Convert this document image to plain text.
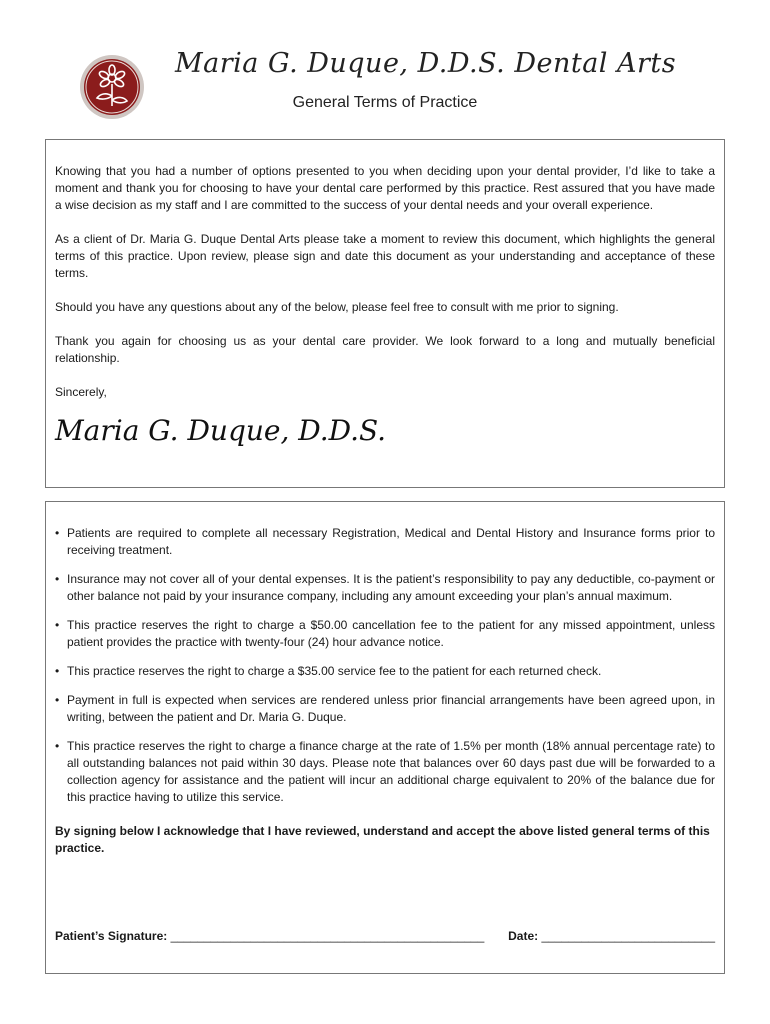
Maria G. Duque, D.D.S. Dental Arts
General Terms of Practice

Knowing that you had a number of options presented to you when deciding upon your dental provider, I’d like to take a moment and thank you for choosing to have your dental care performed by this practice. Rest assured that you have made a wise decision as my staff and I are committed to the success of your dental needs and your overall experience.

As a client of Dr. Maria G. Duque Dental Arts please take a moment to review this document, which highlights the general terms of this practice. Upon review, please sign and date this document as your understanding and acceptance of these terms.

Should you have any questions about any of the below, please feel free to consult with me prior to signing.

Thank you again for choosing us as your dental care provider. We look forward to a long and mutually beneficial relationship.

Sincerely,

Maria G. Duque, D.D.S.
• Patients are required to complete all necessary Registration, Medical and Dental History and Insurance forms prior to receiving treatment.
• Insurance may not cover all of your dental expenses. It is the patient’s responsibility to pay any deductible, co-payment or other balance not paid by your insurance company, including any amount exceeding your plan’s annual maximum.
• This practice reserves the right to charge a $50.00 cancellation fee to the patient for any missed appointment, unless patient provides the practice with twenty-four (24) hour advance notice.
• This practice reserves the right to charge a $35.00 service fee to the patient for each returned check.
• Payment in full is expected when services are rendered unless prior financial arrangements have been agreed upon, in writing, between the patient and Dr. Maria G. Duque.
• This practice reserves the right to charge a finance charge at the rate of 1.5% per month (18% annual percentage rate) to all outstanding balances not paid within 30 days. Please note that balances over 60 days past due will be forwarded to a collection agency for assistance and the patient will incur an additional charge equivalent to 20% of the balance due for this practice having to utilize this service.
By signing below I acknowledge that I have reviewed, understand and accept the above listed general terms of this practice.
Patient’s Signature: _______________________________________________ Date: __________________________
